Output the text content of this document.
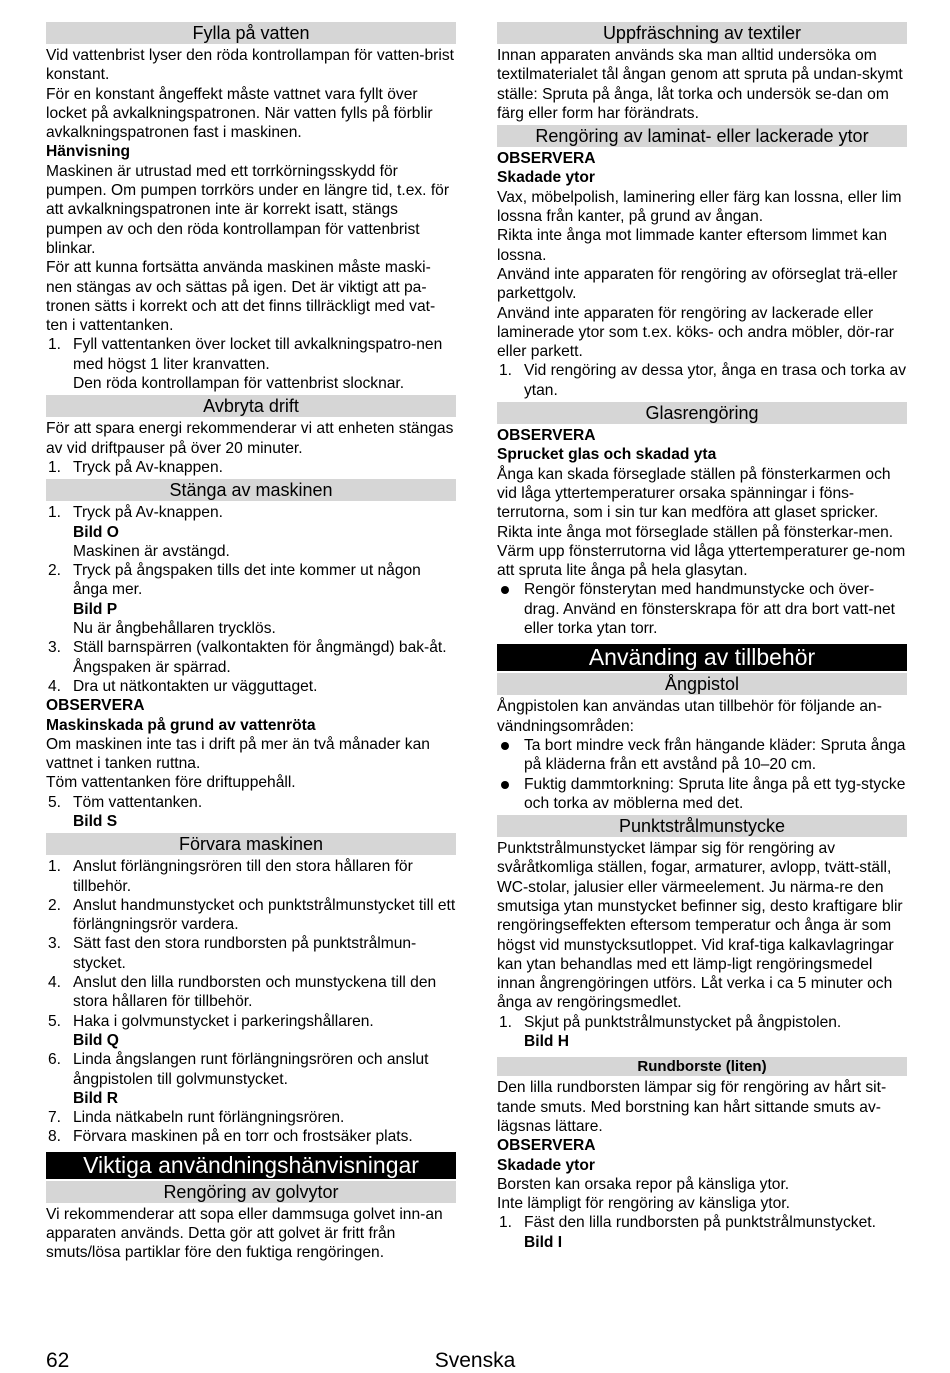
Fylla på vatten

Vid vattenbrist lyser den röda kontrollampan för vatten-brist konstant.

För en konstant ångeffekt måste vattnet vara fyllt över locket på avkalkningspatronen. När vatten fylls på förblir avkalkningspatronen fast i maskinen.

Hänvisning

Maskinen är utrustad med ett torrkörningsskydd för pumpen. Om pumpen torrkörs under en längre tid, t.ex. för att avkalkningspatronen inte är korrekt isatt, stängs pumpen av och den röda kontrollampan för vattenbrist blinkar.

För att kunna fortsätta använda maskinen måste maski-nen stängas av och sättas på igen. Det är viktigt att pa-tronen sätts i korrekt och att det finns tillräckligt med vat-ten i vattentanken.

1. Fyll vattentanken över locket till avkalkningspatro-nen med högst 1 liter kranvatten.
Den röda kontrollampan för vattenbrist slocknar.
Avbryta drift

För att spara energi rekommenderar vi att enheten stängas av vid driftpauser på över 20 minuter.

1. Tryck på Av-knappen.
Stänga av maskinen
1. Tryck på Av-knappen.
Bild O
Maskinen är avstängd.
2. Tryck på ångspaken tills det inte kommer ut någon ånga mer.
Bild P
Nu är ångbehållaren trycklös.
3. Ställ barnspärren (valkontakten för ångmängd) bak-åt.
Ångspaken är spärrad.
4. Dra ut nätkontakten ur vägguttaget.

OBSERVERA

Maskinskada på grund av vattenröta

Om maskinen inte tas i drift på mer än två månader kan vattnet i tanken ruttna.

Töm vattentanken före driftuppehåll.

5. Töm vattentanken.
Bild S
Förvara maskinen
1. Anslut förlängningsrören till den stora hållaren för tillbehör.
2. Anslut handmunstycket och punktstrålmunstycket till ett förlängningsrör vardera.
3. Sätt fast den stora rundborsten på punktstrålmun-stycket.
4. Anslut den lilla rundborsten och munstyckena till den stora hållaren för tillbehör.
5. Haka i golvmunstycket i parkeringshållaren.
Bild Q
6. Linda ångslangen runt förlängningsrören och anslut ångpistolen till golvmunstycket.
Bild R
7. Linda nätkabeln runt förlängningsrören.
8. Förvara maskinen på en torr och frostsäker plats.
Viktiga användningshänvisningar
Rengöring av golvytor

Vi rekommenderar att sopa eller dammsuga golvet inn-an apparaten används. Detta gör att golvet är fritt från smuts/lösa partiklar före den fuktiga rengöringen.

Uppfräschning av textiler

Innan apparaten används ska man alltid undersöka om textilmaterialet tål ångan genom att spruta på undan-skymt ställe: Spruta på ånga, låt torka och undersök se-dan om färg eller form har förändrats.

Rengöring av laminat- eller lackerade ytor

OBSERVERA

Skadade ytor

Vax, möbelpolish, laminering eller färg kan lossna, eller lim lossna från kanter, på grund av ångan.

Rikta inte ånga mot limmade kanter eftersom limmet kan lossna.

Använd inte apparaten för rengöring av oförseglat trä-eller parkettgolv.

Använd inte apparaten för rengöring av lackerade eller laminerade ytor som t.ex. köks- och andra möbler, dör-rar eller parkett.

1. Vid rengöring av dessa ytor, ånga en trasa och torka av ytan.
Glasrengöring

OBSERVERA

Sprucket glas och skadad yta

Ånga kan skada förseglade ställen på fönsterkarmen och vid låga yttertemperaturer orsaka spänningar i föns-terrutorna, som i sin tur kan medföra att glaset spricker.

Rikta inte ånga mot förseglade ställen på fönsterkar-men.

Värm upp fönsterrutorna vid låga yttertemperaturer ge-nom att spruta lite ånga på hela glasytan.

Rengör fönsterytan med handmunstycke och över-drag. Använd en fönsterskrapa för att dra bort vatt-net eller torka ytan torr.
Använding av tillbehör
Ångpistol

Ångpistolen kan användas utan tillbehör för följande an-vändningsområden:

Ta bort mindre veck från hängande kläder: Spruta ånga på kläderna från ett avstånd på 10–20 cm.
Fuktig dammtorkning: Spruta lite ånga på ett tyg-stycke och torka av möblerna med det.
Punktstrålmunstycke

Punktstrålmunstycket lämpar sig för rengöring av svåråtkomliga ställen, fogar, armaturer, avlopp, tvätt-ställ, WC-stolar, jalusier eller värmeelement. Ju närma-re den smutsiga ytan munstycket befinner sig, desto kraftigare blir rengöringseffekten eftersom temperatur och ånga är som högst vid munstycksutloppet. Vid kraf-tiga kalkavlagringar kan ytan behandlas med ett lämp-ligt rengöringsmedel innan ångrengöringen utförs. Låt verka i ca 5 minuter och ånga av rengöringsmedlet.

1. Skjut på punktstrålmunstycket på ångpistolen.
Bild H
Rundborste (liten)

Den lilla rundborsten lämpar sig för rengöring av hårt sit-tande smuts. Med borstning kan hårt sittande smuts av-lägsnas lättare.

OBSERVERA

Skadade ytor

Borsten kan orsaka repor på känsliga ytor.

Inte lämpligt för rengöring av känsliga ytor.

1. Fäst den lilla rundborsten på punktstrålmunstycket.
Bild I
Svenska
62
